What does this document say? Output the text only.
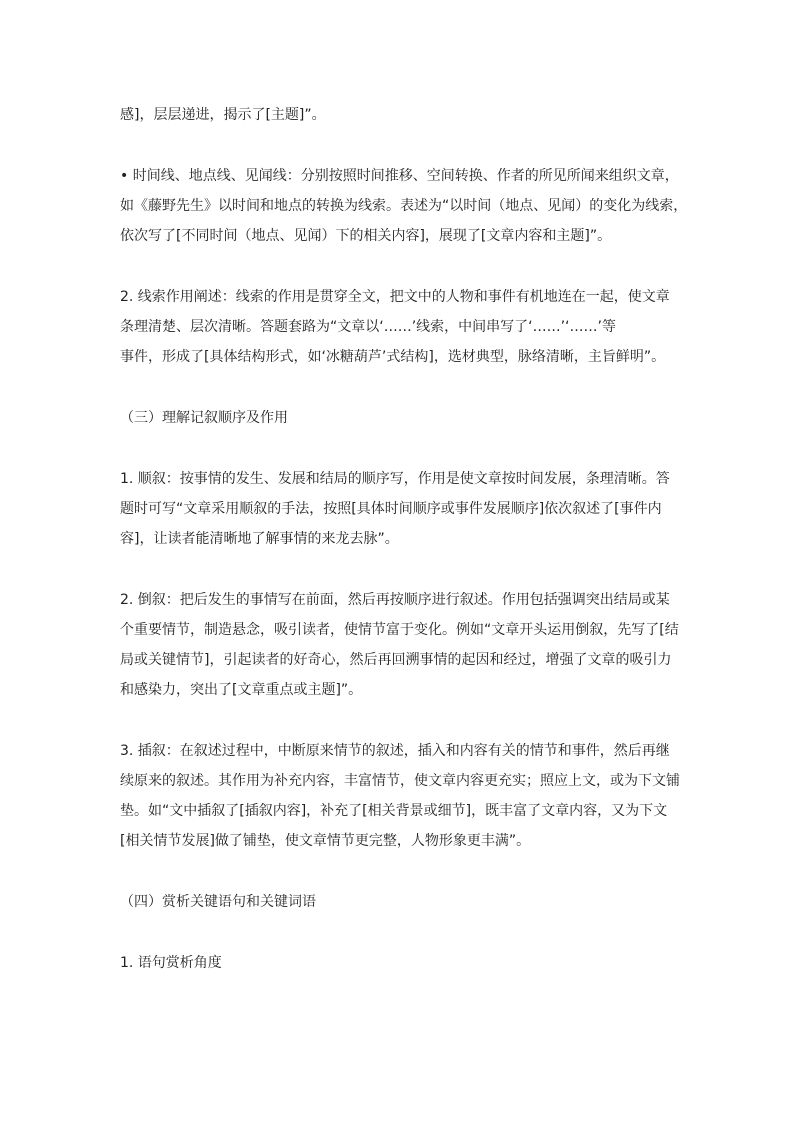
感]，层层递进，揭示了[主题]”。
• 时间线、地点线、见闻线：分别按照时间推移、空间转换、作者的所见所闻来组织文章，
如《藤野先生》以时间和地点的转换为线索。表述为“以时间（地点、见闻）的变化为线索，
依次写了[不同时间（地点、见闻）下的相关内容]，展现了[文章内容和主题]”。
2. 线索作用阐述：线索的作用是贯穿全文，把文中的人物和事件有机地连在一起，使文章
条理清楚、层次清晰。答题套路为“文章以‘……’线索，中间串写了‘……’‘……’等
事件，形成了[具体结构形式，如‘冰糖葫芦’式结构]，选材典型，脉络清晰，主旨鲜明”。
（三）理解记叙顺序及作用
1. 顺叙：按事情的发生、发展和结局的顺序写，作用是使文章按时间发展，条理清晰。答
题时可写“文章采用顺叙的手法，按照[具体时间顺序或事件发展顺序]依次叙述了[事件内
容]，让读者能清晰地了解事情的来龙去脉”。
2. 倒叙：把后发生的事情写在前面，然后再按顺序进行叙述。作用包括强调突出结局或某
个重要情节，制造悬念，吸引读者，使情节富于变化。例如“文章开头运用倒叙，先写了[结
局或关键情节]，引起读者的好奇心，然后再回溯事情的起因和经过，增强了文章的吸引力
和感染力，突出了[文章重点或主题]”。
3. 插叙：在叙述过程中，中断原来情节的叙述，插入和内容有关的情节和事件，然后再继
续原来的叙述。其作用为补充内容，丰富情节，使文章内容更充实；照应上文，或为下文铺
垫。如“文中插叙了[插叙内容]，补充了[相关背景或细节]，既丰富了文章内容，又为下文
[相关情节发展]做了铺垫，使文章情节更完整，人物形象更丰满”。
（四）赏析关键语句和关键词语
1. 语句赏析角度
